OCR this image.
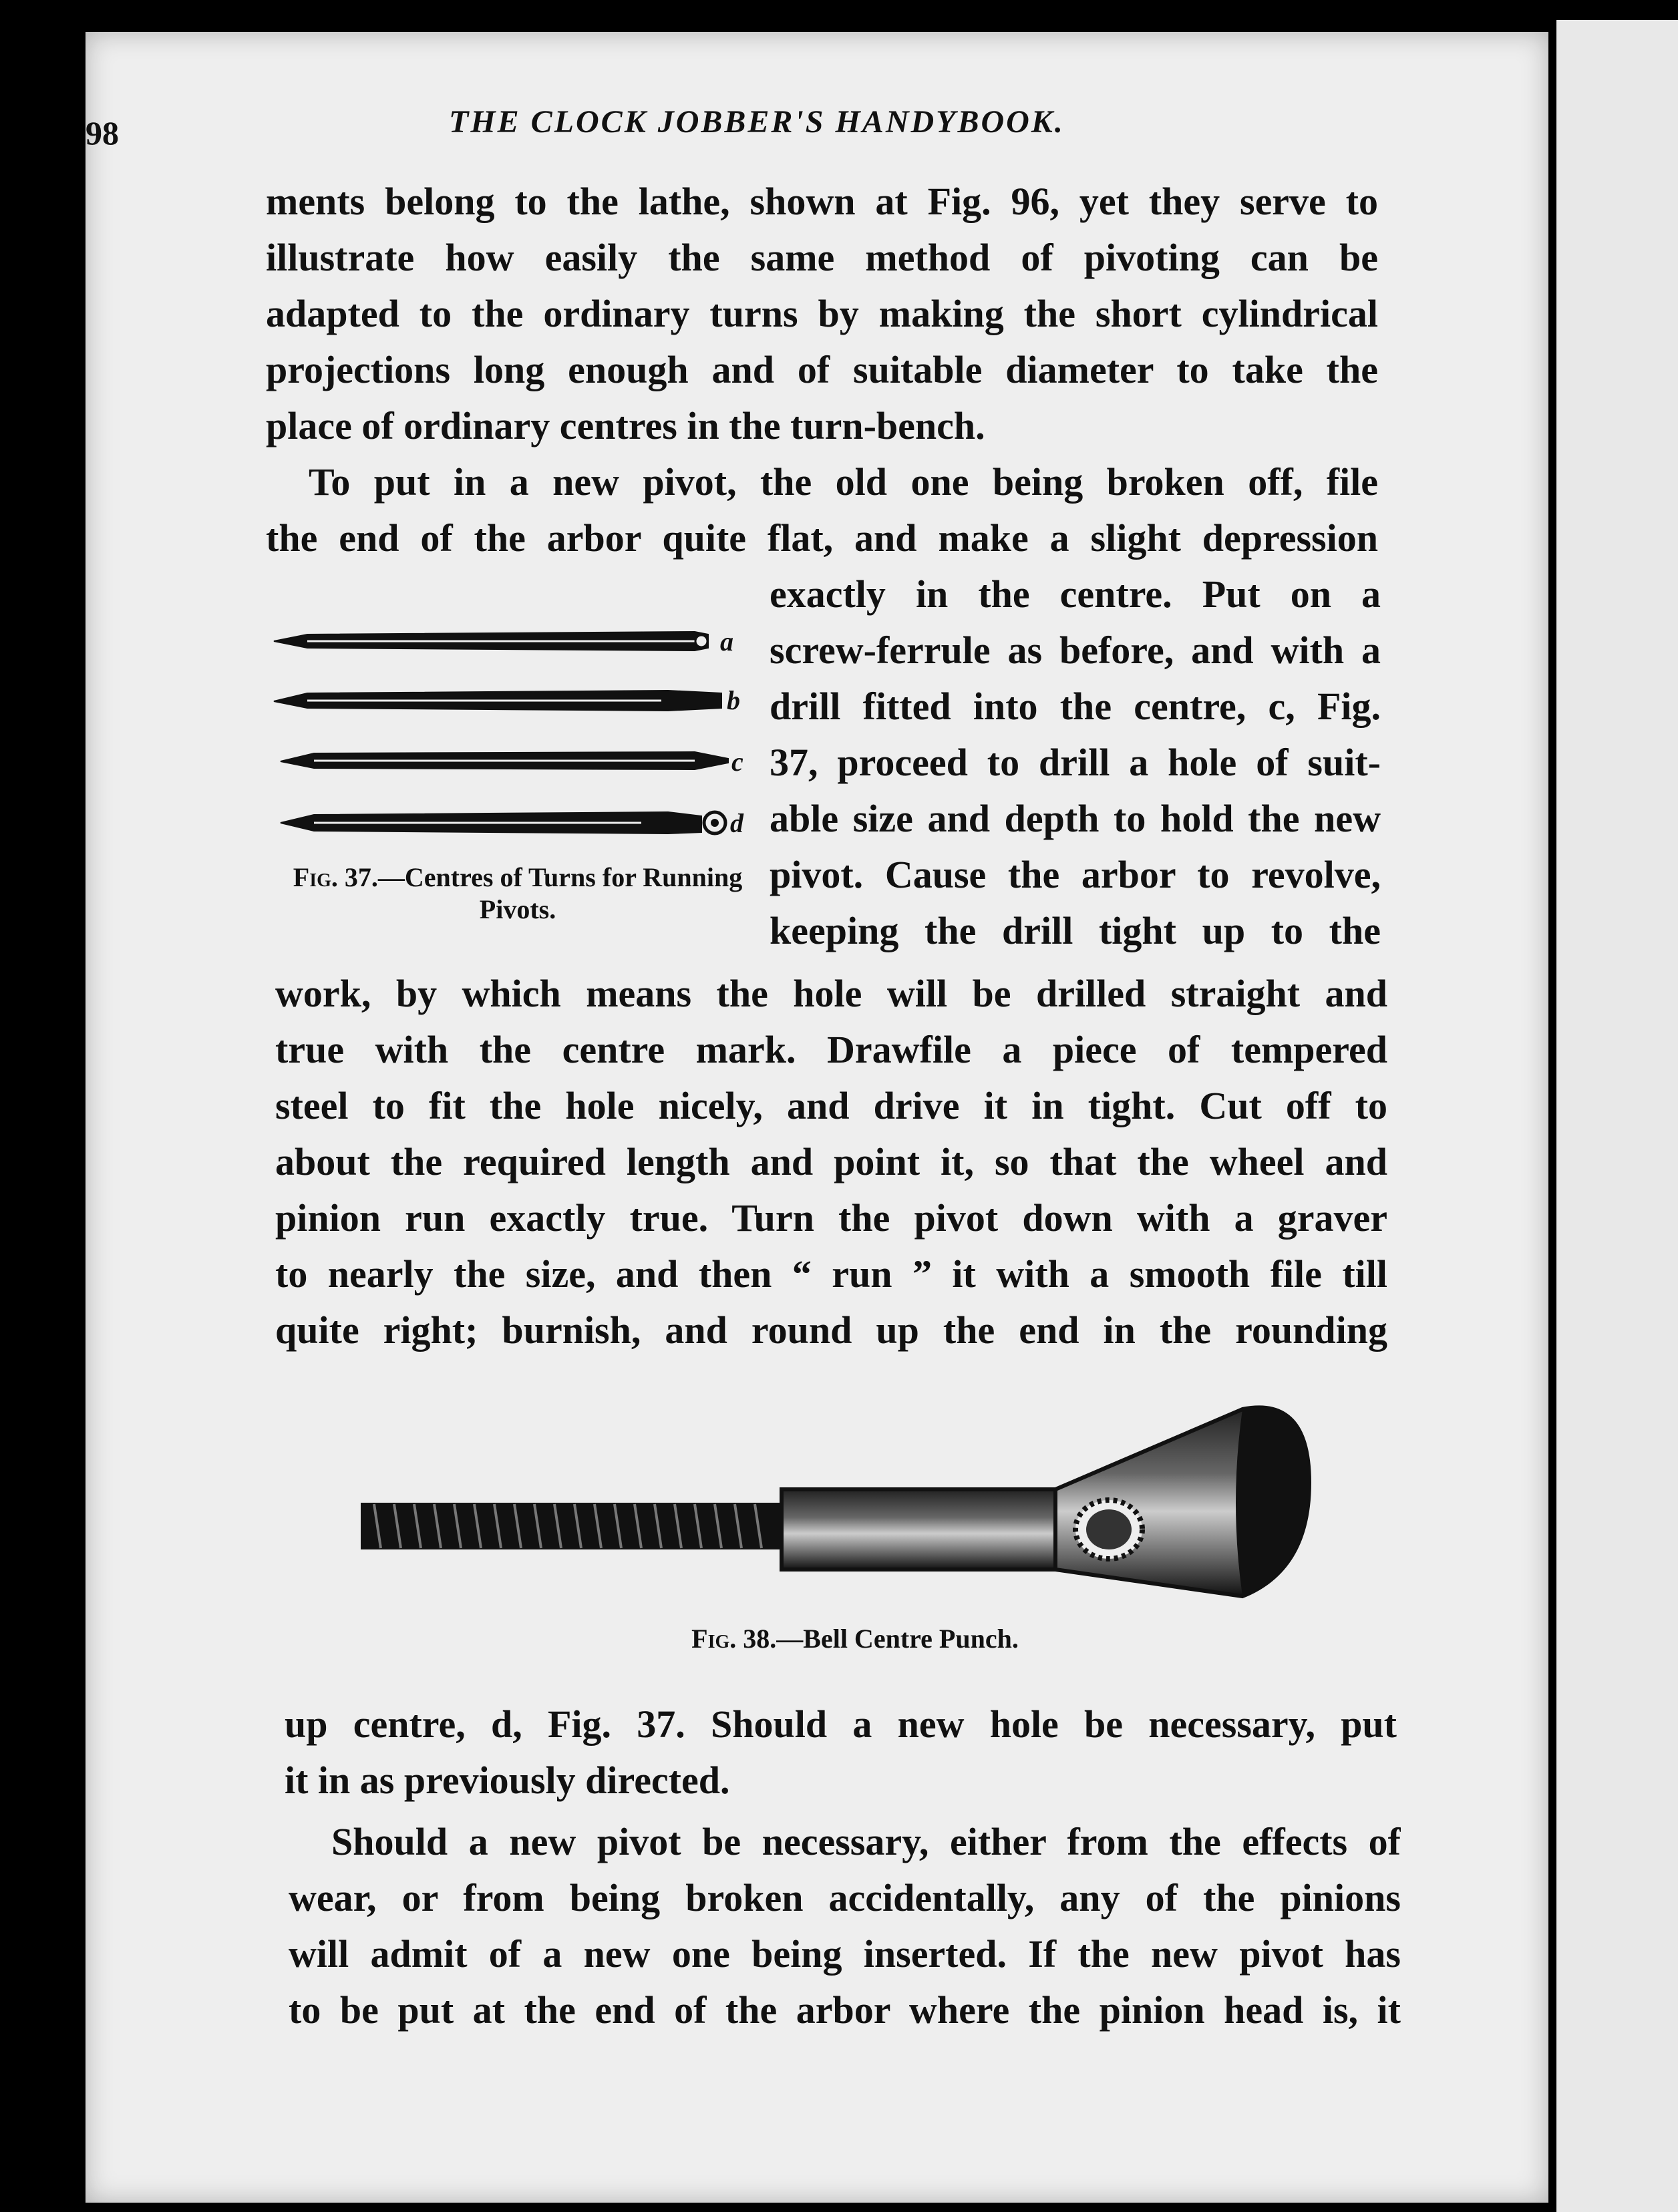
98	THE CLOCK JOBBER'S HANDYBOOK.
ments belong to the lathe, shown at Fig. 96, yet they serve to
illustrate how easily the same method of pivoting can be
adapted to the ordinary turns by making the short cylindrical
projections long enough and of suitable diameter to take the
place of ordinary centres in the turn-bench.
To put in a new pivot, the old one being broken off, file
the end of the arbor quite flat, and make a slight depression
exactly in the centre. Put on a
screw-ferrule as before, and with a
drill fitted into the centre, c, Fig.
37, proceed to drill a hole of suit-
able size and depth to hold the new
pivot. Cause the arbor to revolve,
keeping the drill tight up to the
a
b
c
d
Fig. 37.—Centres of Turns for Running Pivots.
work, by which means the hole will be drilled straight and
true with the centre mark. Drawfile a piece of tempered
steel to fit the hole nicely, and drive it in tight. Cut off to
about the required length and point it, so that the wheel and
pinion run exactly true. Turn the pivot down with a graver
to nearly the size, and then “ run ” it with a smooth file till
quite right; burnish, and round up the end in the rounding
Fig. 38.—Bell Centre Punch.
up centre, d, Fig. 37. Should a new hole be necessary, put
it in as previously directed.
Should a new pivot be necessary, either from the effects of
wear, or from being broken accidentally, any of the pinions
will admit of a new one being inserted. If the new pivot has
to be put at the end of the arbor where the pinion head is, it
